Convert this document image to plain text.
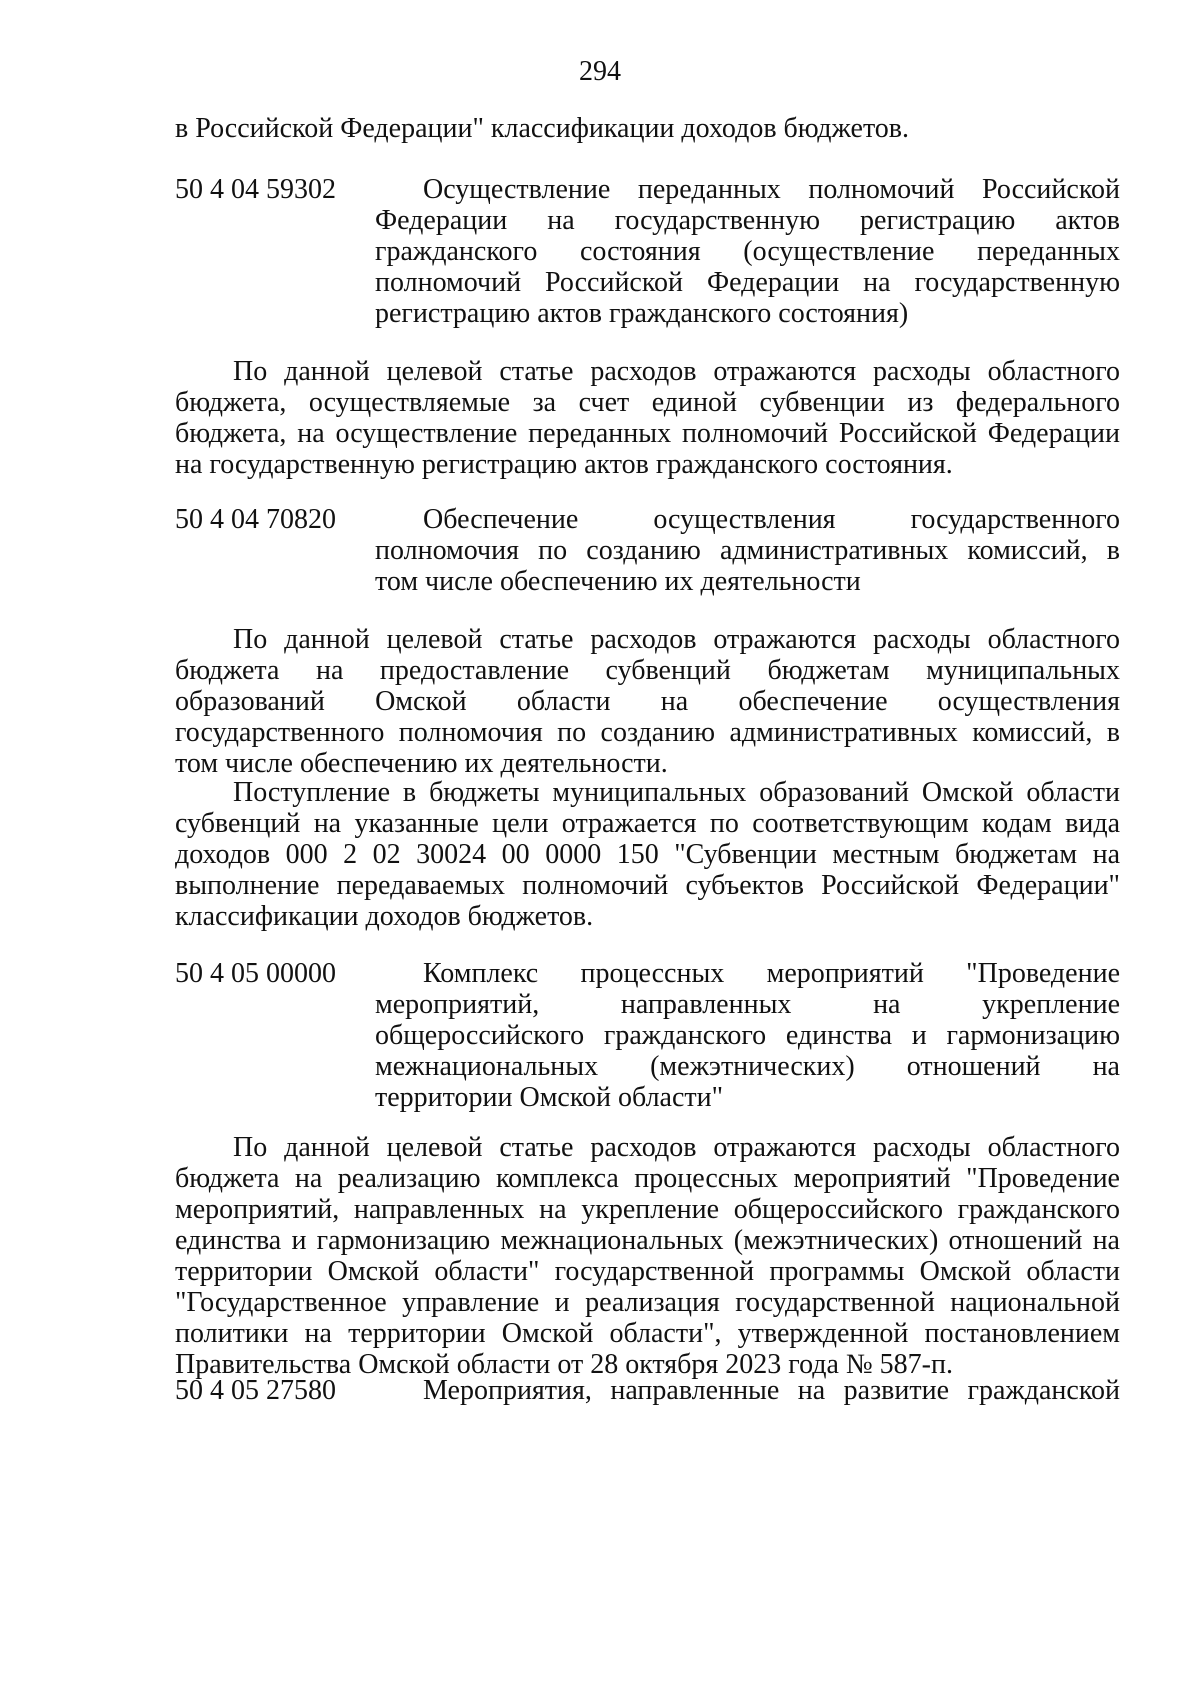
294
в Российской Федерации" классификации доходов бюджетов.
50 4 04 59302	Осуществление переданных полномочий Российской
Федерации на государственную регистрацию актов
гражданского состояния (осуществление переданных
полномочий Российской Федерации на государственную
регистрацию актов гражданского состояния)
По данной целевой статье расходов отражаются расходы областного
бюджета, осуществляемые за счет единой субвенции из федерального
бюджета, на осуществление переданных полномочий Российской Федерации
на государственную регистрацию актов гражданского состояния.
50 4 04 70820	Обеспечение осуществления государственного
полномочия по созданию административных комиссий, в
том числе обеспечению их деятельности
По данной целевой статье расходов отражаются расходы областного
бюджета на предоставление субвенций бюджетам муниципальных
образований Омской области на обеспечение осуществления
государственного полномочия по созданию административных комиссий, в
том числе обеспечению их деятельности.
Поступление в бюджеты муниципальных образований Омской области
субвенций на указанные цели отражается по соответствующим кодам вида
доходов 000 2 02 30024 00 0000 150 "Субвенции местным бюджетам на
выполнение передаваемых полномочий субъектов Российской Федерации"
классификации доходов бюджетов.
50 4 05 00000	Комплекс процессных мероприятий "Проведение
мероприятий, направленных на укрепление
общероссийского гражданского единства и гармонизацию
межнациональных (межэтнических) отношений на
территории Омской области"
По данной целевой статье расходов отражаются расходы областного
бюджета на реализацию комплекса процессных мероприятий "Проведение
мероприятий, направленных на укрепление общероссийского гражданского
единства и гармонизацию межнациональных (межэтнических) отношений на
территории Омской области" государственной программы Омской области
"Государственное управление и реализация государственной национальной
политики на территории Омской области", утвержденной постановлением
Правительства Омской области от 28 октября 2023 года № 587-п.
50 4 05 27580	Мероприятия, направленные на развитие гражданской
